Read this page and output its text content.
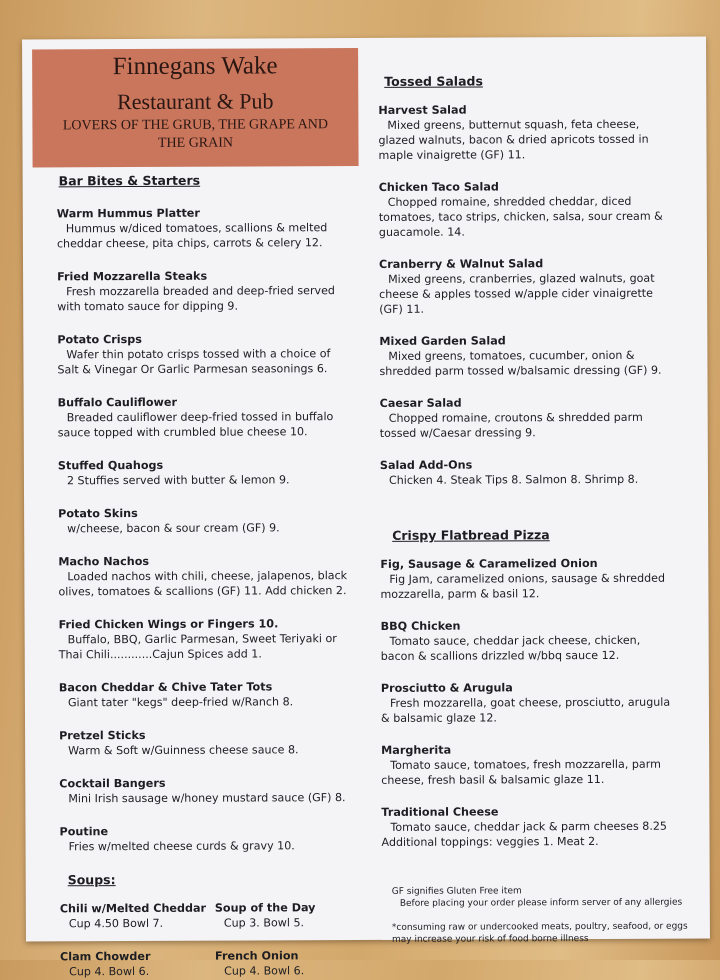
Finnegans Wake
Restaurant & Pub
LOVERS OF THE GRUB, THE GRAPE AND
THE GRAIN
Bar Bites & Starters
Warm Hummus Platter
Hummus w/diced tomatoes, scallions & melted
cheddar cheese, pita chips, carrots & celery 12.
Fried Mozzarella Steaks
Fresh mozzarella breaded and deep-fried served
with tomato sauce for dipping 9.
Potato Crisps
Wafer thin potato crisps tossed with a choice of
Salt & Vinegar Or Garlic Parmesan seasonings 6.
Buffalo Cauliflower
Breaded cauliflower deep-fried tossed in buffalo
sauce topped with crumbled blue cheese 10.
Stuffed Quahogs
2 Stuffies served with butter & lemon 9.
Potato Skins
w/cheese, bacon & sour cream (GF) 9.
Macho Nachos
Loaded nachos with chili, cheese, jalapenos, black
olives, tomatoes & scallions (GF) 11. Add chicken 2.
Fried Chicken Wings or Fingers 10.
Buffalo, BBQ, Garlic Parmesan, Sweet Teriyaki or
Thai Chili............Cajun Spices add 1.
Bacon Cheddar & Chive Tater Tots
Giant tater "kegs" deep-fried w/Ranch 8.
Pretzel Sticks
Warm & Soft w/Guinness cheese sauce 8.
Cocktail Bangers
Mini Irish sausage w/honey mustard sauce (GF) 8.
Poutine
Fries w/melted cheese curds & gravy 10.
Soups:
Chili w/Melted Cheddar
Cup 4.50 Bowl 7.
Soup of the Day
Cup 3. Bowl 5.
Clam Chowder
Cup 4. Bowl 6.
French Onion
Cup 4. Bowl 6.
Tossed Salads
Harvest Salad
Mixed greens, butternut squash, feta cheese,
glazed walnuts, bacon & dried apricots tossed in
maple vinaigrette (GF) 11.
Chicken Taco Salad
Chopped romaine, shredded cheddar, diced
tomatoes, taco strips, chicken, salsa, sour cream &
guacamole. 14.
Cranberry & Walnut Salad
Mixed greens, cranberries, glazed walnuts, goat
cheese & apples tossed w/apple cider vinaigrette
(GF) 11.
Mixed Garden Salad
Mixed greens, tomatoes, cucumber, onion &
shredded parm tossed w/balsamic dressing (GF) 9.
Caesar Salad
Chopped romaine, croutons & shredded parm
tossed w/Caesar dressing 9.
Salad Add-Ons
Chicken 4. Steak Tips 8. Salmon 8. Shrimp 8.
Crispy Flatbread Pizza
Fig, Sausage & Caramelized Onion
Fig Jam, caramelized onions, sausage & shredded
mozzarella, parm & basil 12.
BBQ Chicken
Tomato sauce, cheddar jack cheese, chicken,
bacon & scallions drizzled w/bbq sauce 12.
Prosciutto & Arugula
Fresh mozzarella, goat cheese, prosciutto, arugula
& balsamic glaze 12.
Margherita
Tomato sauce, tomatoes, fresh mozzarella, parm
cheese, fresh basil & balsamic glaze 11.
Traditional Cheese
Tomato sauce, cheddar jack & parm cheeses 8.25
Additional toppings: veggies 1. Meat 2.
GF signifies Gluten Free item
Before placing your order please inform server of any allergies
*consuming raw or undercooked meats, poultry, seafood, or eggs
may increase your risk of food borne illness
